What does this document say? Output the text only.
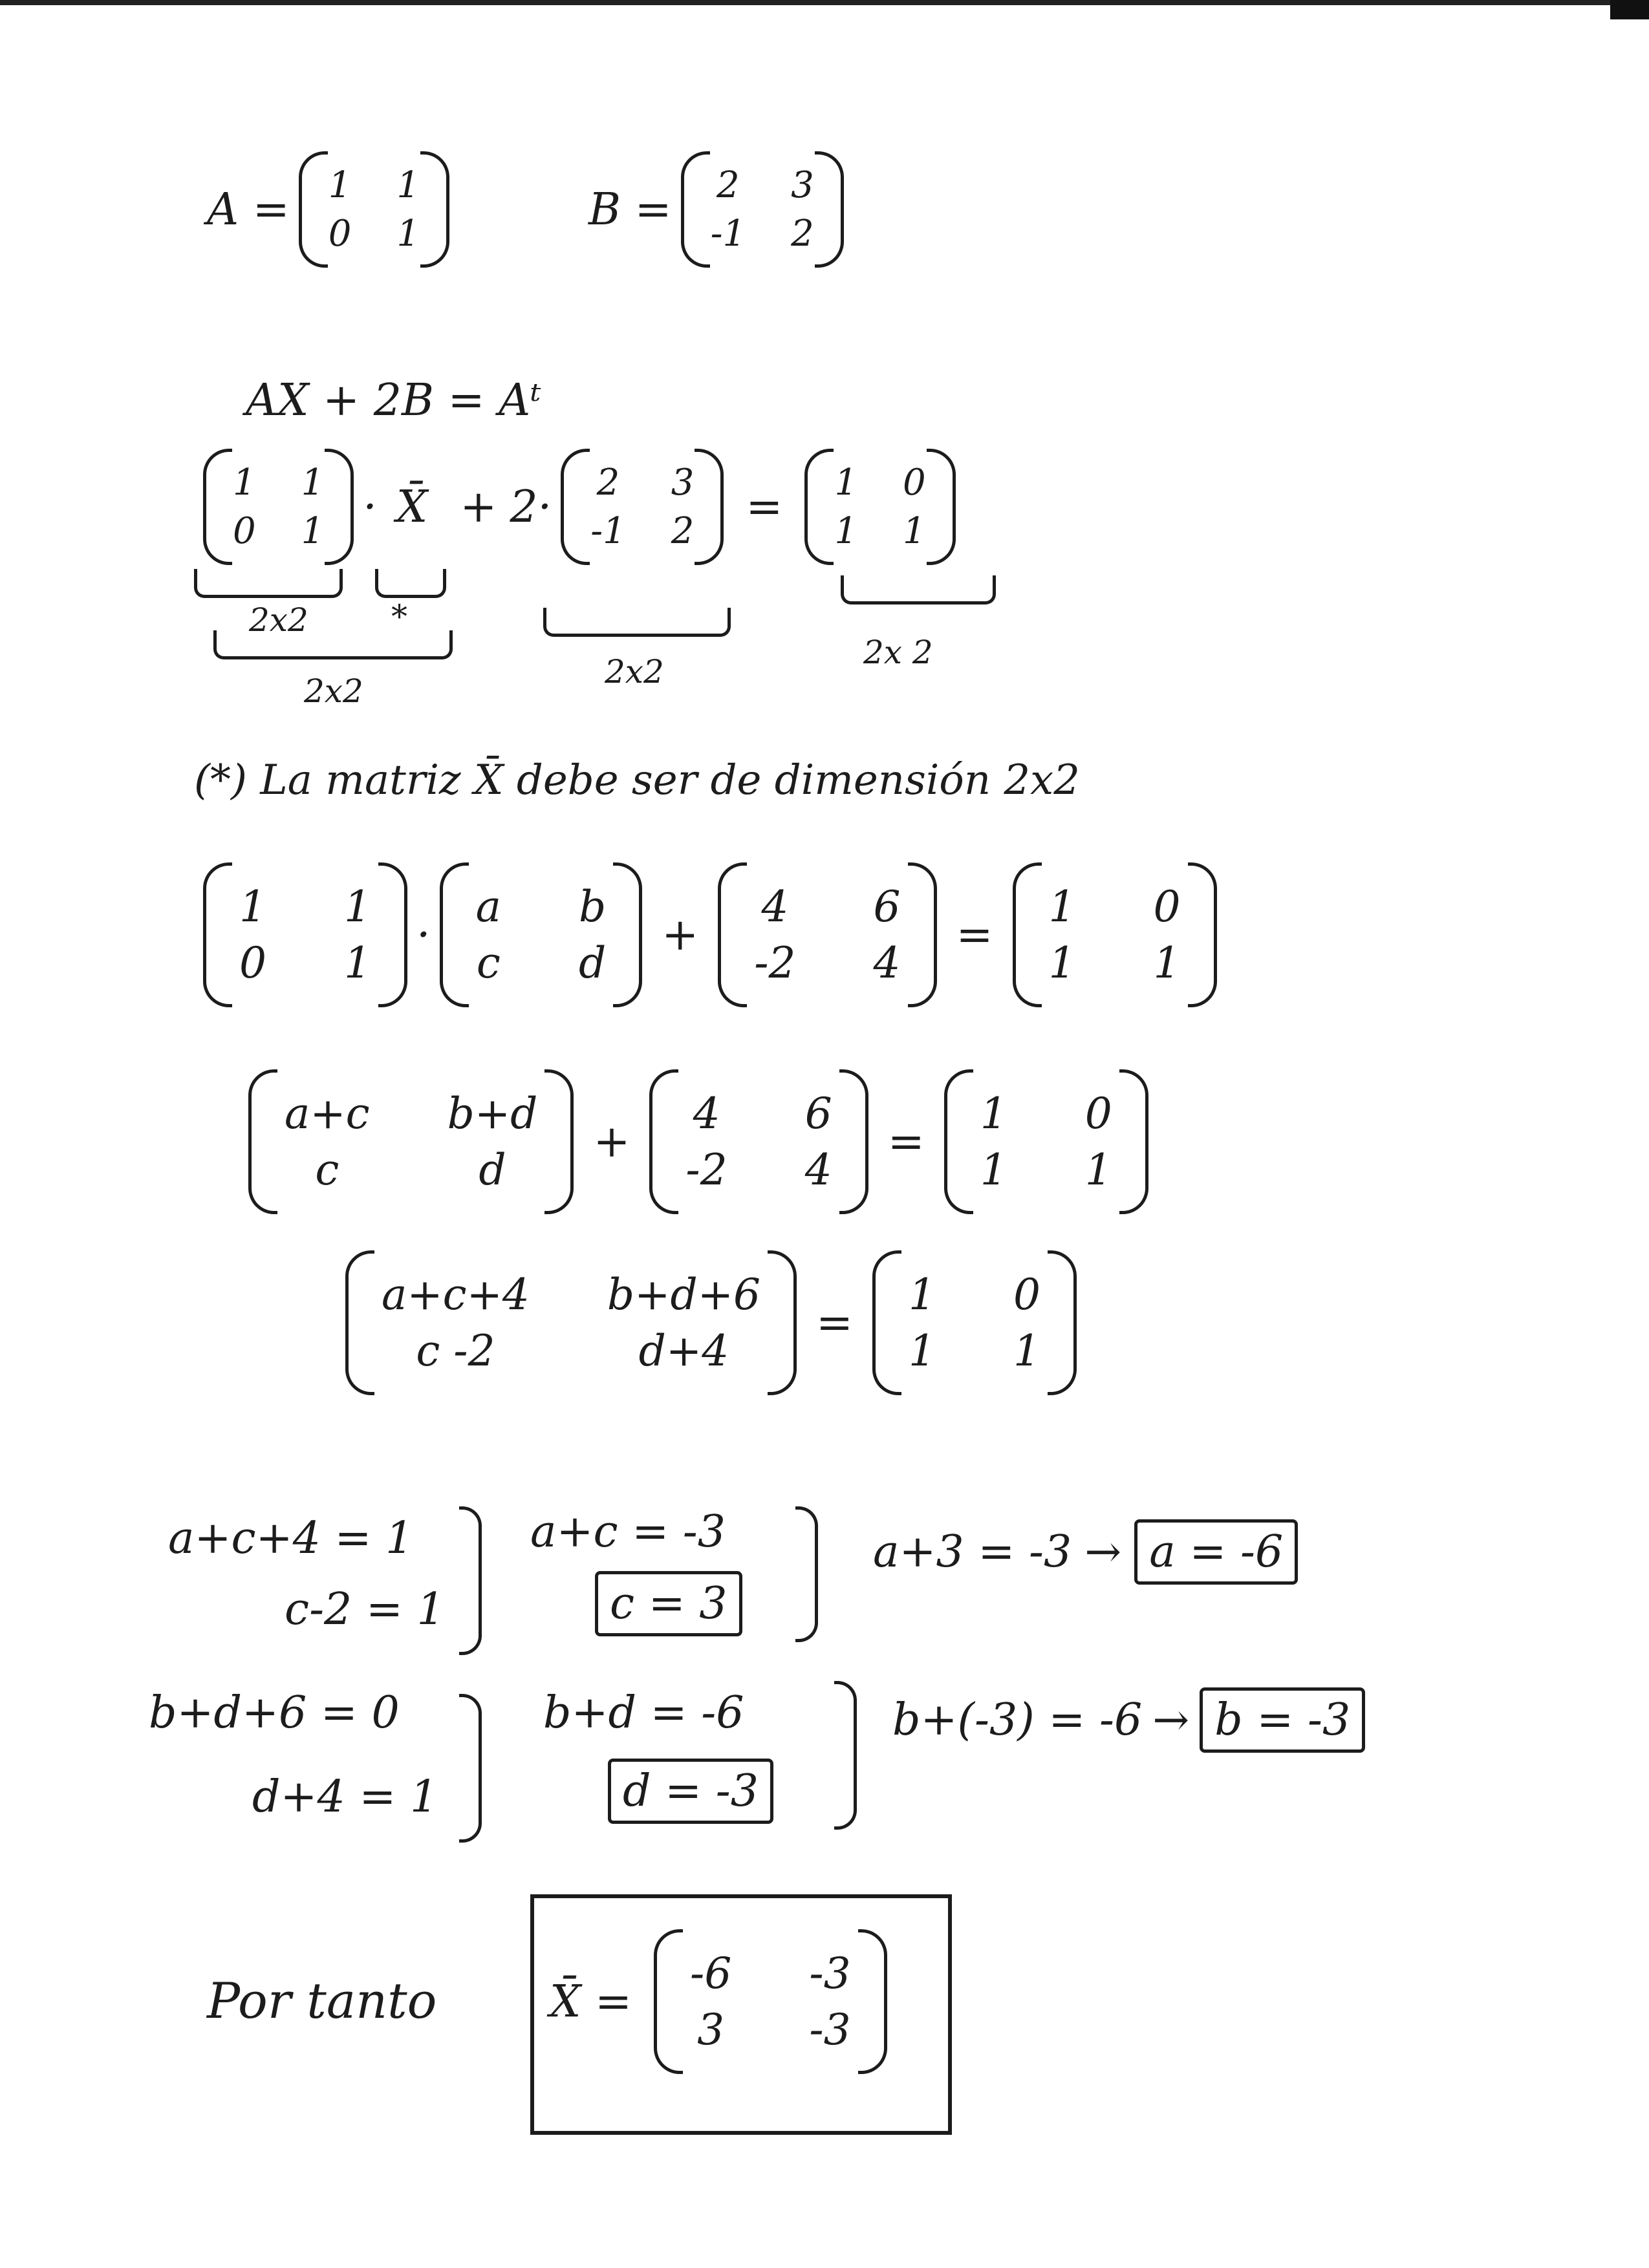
A = 1 1
0 1	B = 2 3
-1 2
AX + 2B = Aᵗ
1 1
0 1 · X̄ + 2· 2 3
-1 2 = 1 0
1 1
2x2	*
2x2
2x2
2x 2
(*) La matriz X̄ debe ser de dimensión 2x2
1 1
0 1
·
a b
c d
+
4 6
-2 4
=
1 0
1 1
a+c b+d
c	d
+
4 6
-2 4
=
1 0
1 1
a+c+4 b+d+6
c -2	d+4
=
1 0
1 1
a+c+4 = 1
c-2 = 1
a+c = -3
c = 3
a+3 = -3 → a = -6
b+d+6 = 0
d+4 = 1
b+d = -6
d = -3
b+(-3) = -6 → b = -3
Por tanto	X̄ =
-6 -3
3 -3
